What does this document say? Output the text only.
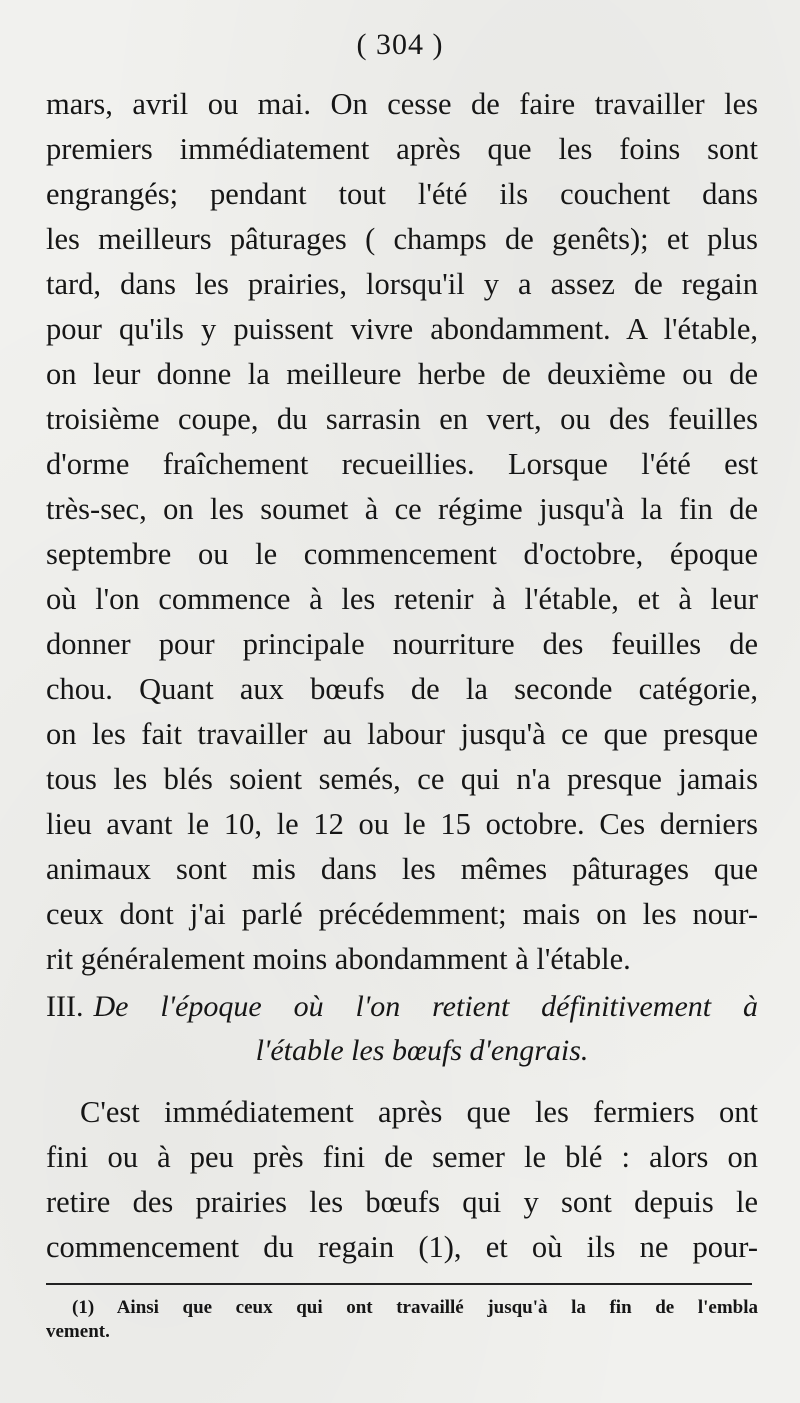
( 304 )
mars, avril ou mai. On cesse de faire travailler les
premiers immédiatement après que les foins sont
engrangés; pendant tout l'été ils couchent dans
les meilleurs pâturages ( champs de genêts); et plus
tard, dans les prairies, lorsqu'il y a assez de regain
pour qu'ils y puissent vivre abondamment. A l'étable,
on leur donne la meilleure herbe de deuxième ou de
troisième coupe, du sarrasin en vert, ou des feuilles
d'orme fraîchement recueillies. Lorsque l'été est
très-sec, on les soumet à ce régime jusqu'à la fin de
septembre ou le commencement d'octobre, époque
où l'on commence à les retenir à l'étable, et à leur
donner pour principale nourriture des feuilles de
chou. Quant aux bœufs de la seconde catégorie,
on les fait travailler au labour jusqu'à ce que presque
tous les blés soient semés, ce qui n'a presque jamais
lieu avant le 10, le 12 ou le 15 octobre. Ces derniers
animaux sont mis dans les mêmes pâturages que
ceux dont j'ai parlé précédemment; mais on les nour-
rit généralement moins abondamment à l'étable.
III. De l'époque où l'on retient définitivement à
l'étable les bœufs d'engrais.
C'est immédiatement après que les fermiers ont
fini ou à peu près fini de semer le blé : alors on
retire des prairies les bœufs qui y sont depuis le
commencement du regain (1), et où ils ne pour-
(1) Ainsi que ceux qui ont travaillé jusqu'à la fin de l'embla
vement.
